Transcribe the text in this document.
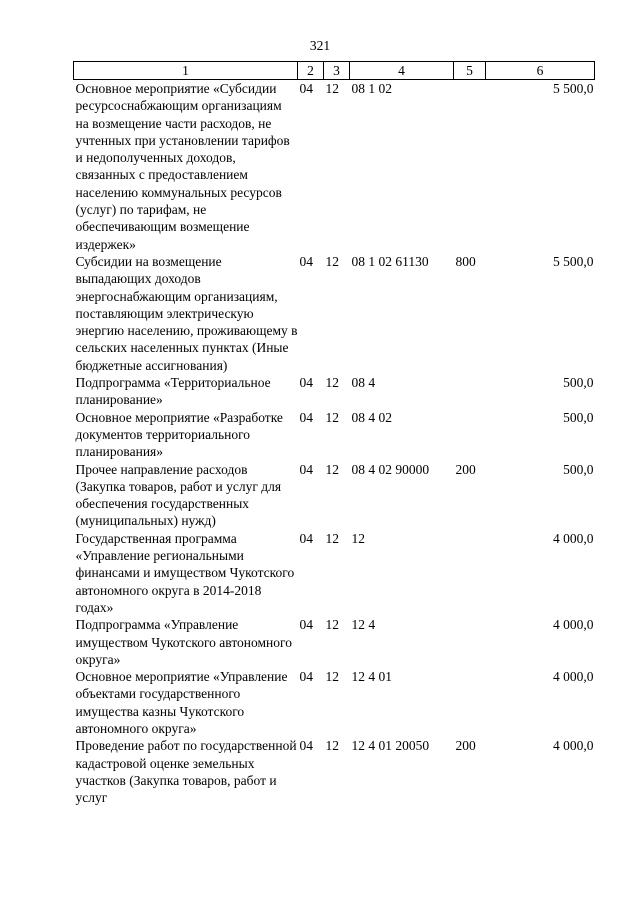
321
1	2	3	4	5	6
Основное мероприятие «Субсидии ресурсоснабжающим организациям на возмещение части расходов, не учтенных при установлении тарифов и недополученных доходов, связанных с предоставлением населению коммунальных ресурсов (услуг) по тарифам, не обеспечивающим возмещение издержек»	04	12	08 1 02		5 500,0
Субсидии на возмещение выпадающих доходов энергоснабжающим организациям, поставляющим электрическую энергию населению, проживающему в сельских населенных пунктах (Иные бюджетные ассигнования)	04	12	08 1 02 61130	800	5 500,0
Подпрограмма «Территориальное планирование»	04	12	08 4		500,0
Основное мероприятие «Разработке документов территориального планирования»	04	12	08 4 02		500,0
Прочее направление расходов (Закупка товаров, работ и услуг для обеспечения государственных (муниципальных) нужд)	04	12	08 4 02 90000	200	500,0
Государственная программа «Управление региональными финансами и имуществом Чукотского автономного округа в 2014-2018 годах»	04	12	12		4 000,0
Подпрограмма «Управление имуществом Чукотского автономного округа»	04	12	12 4		4 000,0
Основное мероприятие «Управление объектами государственного имущества казны Чукотского автономного округа»	04	12	12 4 01		4 000,0
Проведение работ по государственной кадастровой оценке земельных участков (Закупка товаров, работ и услуг	04	12	12 4 01 20050	200	4 000,0
